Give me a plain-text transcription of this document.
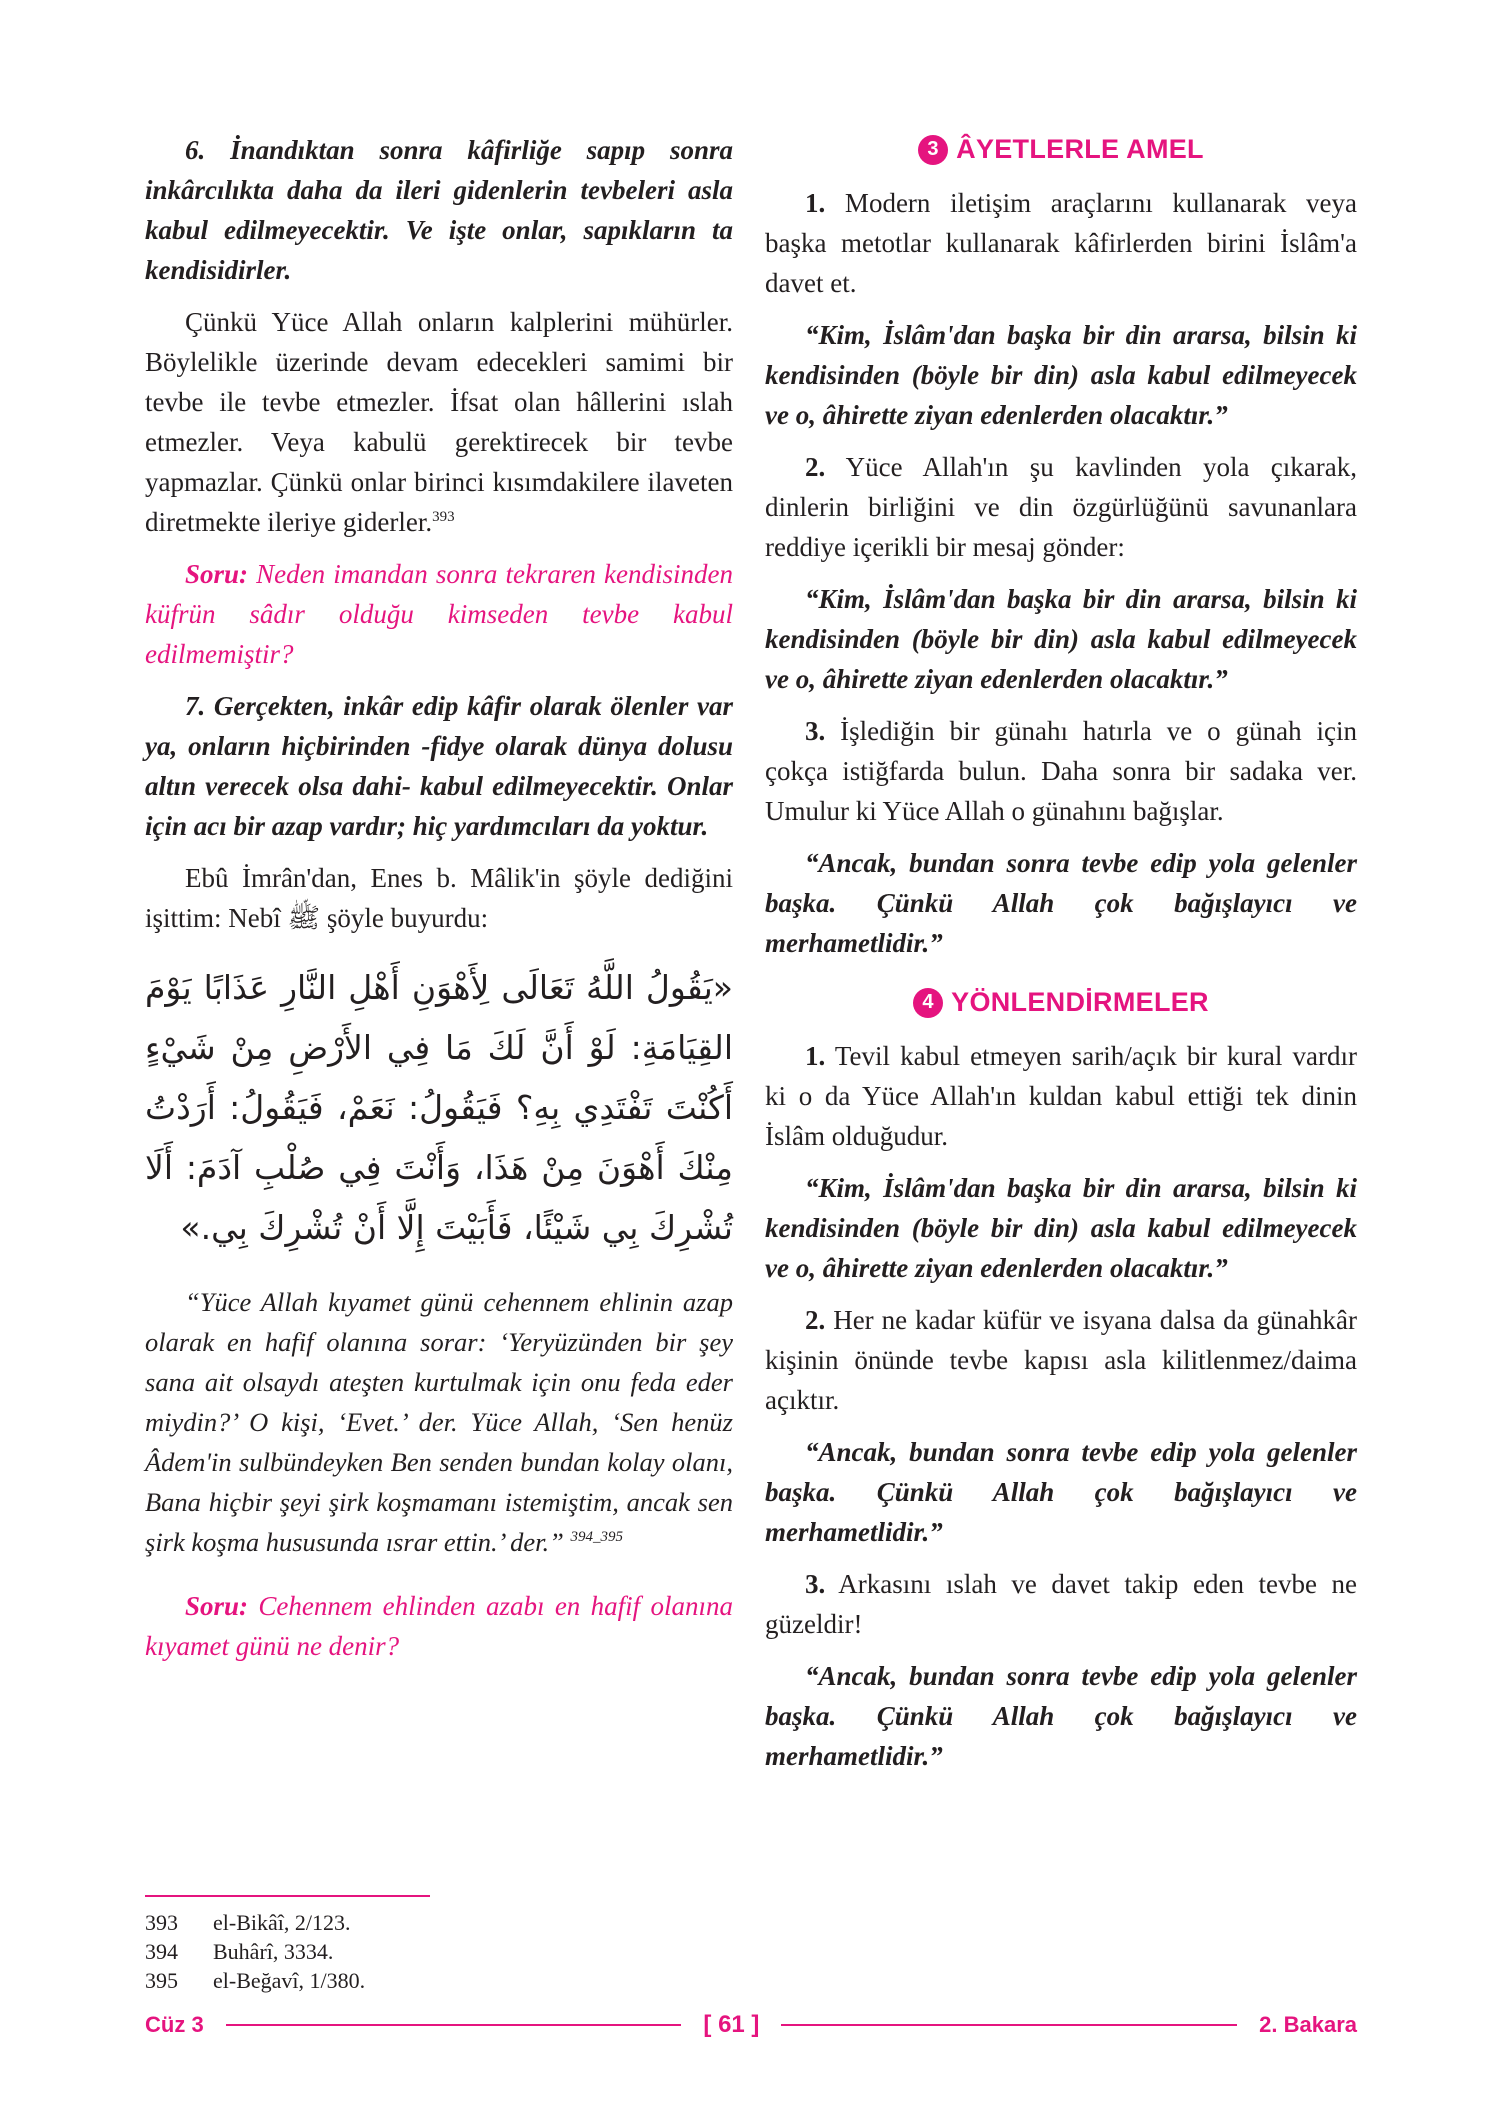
6. İnandıktan sonra kâfirliğe sapıp sonra inkârcılıkta daha da ileri gidenlerin tevbeleri asla kabul edilmeyecektir. Ve işte onlar, sapıkların ta kendisidirler.

Çünkü Yüce Allah onların kalplerini mühürler. Böylelikle üzerinde devam edecekleri samimi bir tevbe ile tevbe etmezler. İfsat olan hâllerini ıslah etmezler. Veya kabulü gerektirecek bir tevbe yapmazlar. Çünkü onlar birinci kısımdakilere ilaveten diretmekte ileriye giderler.$^{393}$

Soru: Neden imandan sonra tekraren kendisinden küfrün sâdır olduğu kimseden tevbe kabul edilmemiştir?

7. Gerçekten, inkâr edip kâfir olarak ölenler var ya, onların hiçbirinden -fidye olarak dünya dolusu altın verecek olsa dahi- kabul edilmeyecektir. Onlar için acı bir azap vardır; hiç yardımcıları da yoktur.

Ebû İmrân'dan, Enes b. Mâlik'in şöyle dediğini işittim: Nebî ﷺ şöyle buyurdu:

«يَقُولُ اللَّهُ تَعَالَى لِأَهْوَنِ أَهْلِ النَّارِ عَذَابًا يَوْمَ القِيَامَةِ: لَوْ أَنَّ لَكَ مَا فِي الأَرْضِ مِنْ شَيْءٍ أَكُنْتَ تَفْتَدِي بِهِ؟ فَيَقُولُ: نَعَمْ، فَيَقُولُ: أَرَدْتُ مِنْكَ أَهْوَنَ مِنْ هَذَا، وَأَنْتَ فِي صُلْبِ آدَمَ: أَلَا تُشْرِكَ بِي شَيْئًا، فَأَبَيْتَ إِلَّا أَنْ تُشْرِكَ بِي.»

“Yüce Allah kıyamet günü cehennem ehlinin azap olarak en hafif olanına sorar: ‘Yeryüzünden bir şey sana ait olsaydı ateşten kurtulmak için onu feda eder miydin?’ O kişi, ‘Evet.’ der. Yüce Allah, ‘Sen henüz Âdem'in sulbündeyken Ben senden bundan kolay olanı, Bana hiçbir şeyi şirk koşmamanı istemiştim, ancak sen şirk koşma hususunda ısrar ettin.’ der.” $^{394\_395}$

Soru: Cehennem ehlinden azabı en hafif olanına kıyamet günü ne denir?

3 ÂYETLERLE AMEL

1. Modern iletişim araçlarını kullanarak veya başka metotlar kullanarak kâfirlerden birini İslâm'a davet et.

“Kim, İslâm'dan başka bir din ararsa, bilsin ki kendisinden (böyle bir din) asla kabul edilmeyecek ve o, âhirette ziyan edenlerden olacaktır.”

2. Yüce Allah'ın şu kavlinden yola çıkarak, dinlerin birliğini ve din özgürlüğünü savunanlara reddiye içerikli bir mesaj gönder:

“Kim, İslâm'dan başka bir din ararsa, bilsin ki kendisinden (böyle bir din) asla kabul edilmeyecek ve o, âhirette ziyan edenlerden olacaktır.”

3. İşlediğin bir günahı hatırla ve o günah için çokça istiğfarda bulun. Daha sonra bir sadaka ver. Umulur ki Yüce Allah o günahını bağışlar.

“Ancak, bundan sonra tevbe edip yola gelenler başka. Çünkü Allah çok bağışlayıcı ve merhametlidir.”

4 YÖNLENDİRMELER

1. Tevil kabul etmeyen sarih/açık bir kural vardır ki o da Yüce Allah'ın kuldan kabul ettiği tek dinin İslâm olduğudur.

“Kim, İslâm'dan başka bir din ararsa, bilsin ki kendisinden (böyle bir din) asla kabul edilmeyecek ve o, âhirette ziyan edenlerden olacaktır.”

2. Her ne kadar küfür ve isyana dalsa da günahkâr kişinin önünde tevbe kapısı asla kilitlenmez/daima açıktır.

“Ancak, bundan sonra tevbe edip yola gelenler başka. Çünkü Allah çok bağışlayıcı ve merhametlidir.”

3. Arkasını ıslah ve davet takip eden tevbe ne güzeldir!

“Ancak, bundan sonra tevbe edip yola gelenler başka. Çünkü Allah çok bağışlayıcı ve merhametlidir.”

393	el-Bikâî, 2/123.
394	Buhârî, 3334.
395	el-Beğavî, 1/380.
Cüz 3	[ 61 ]	2. Bakara
